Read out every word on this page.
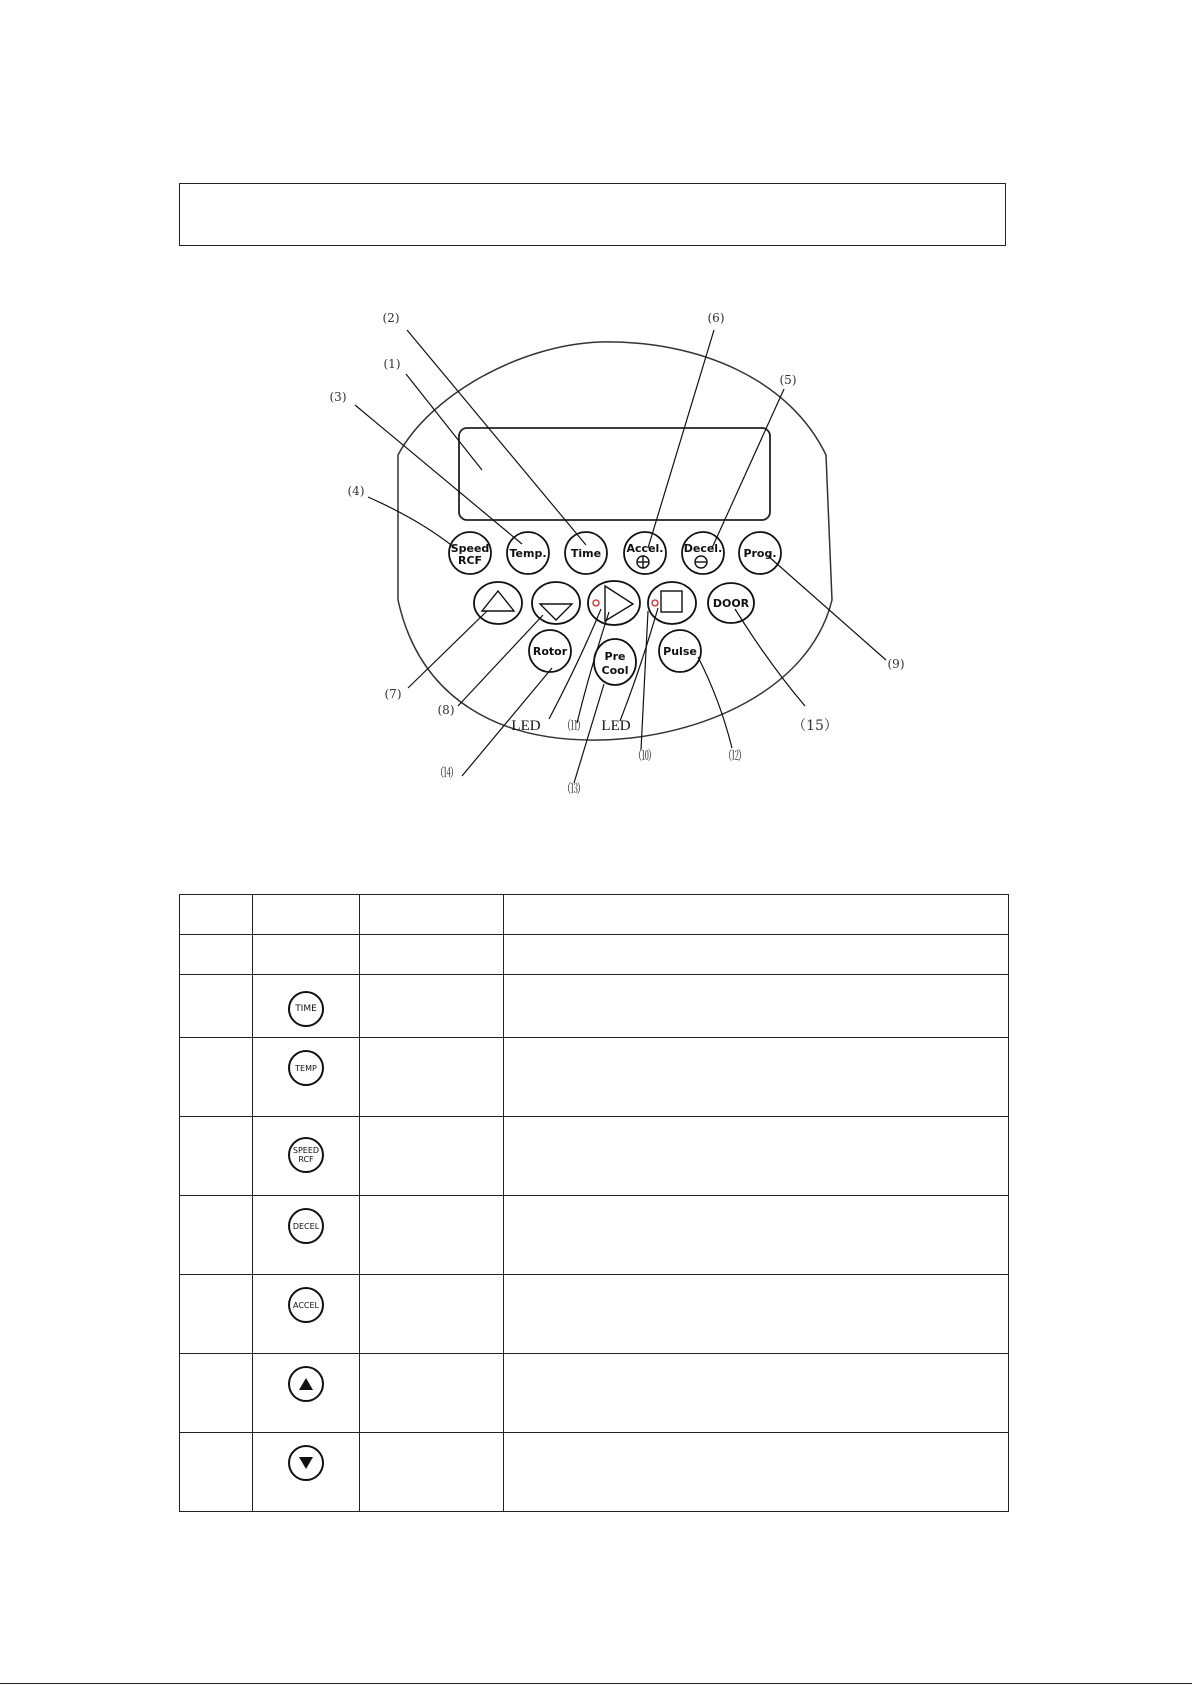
Speed
RCF
Temp. Time Accel. Decel. Prog.
DOOR
Rotor	Pre
Cool
Pulse
(2)
(1)
(3)
(4)
(6)
(5)
(9)
(7)
(8)
（15）
⑾
⑽	⑿
⒁
⒀
LED	LED

	TIME		
	TEMP		

	SPEED
RCF		

	DECEL		
	ACCEL		
